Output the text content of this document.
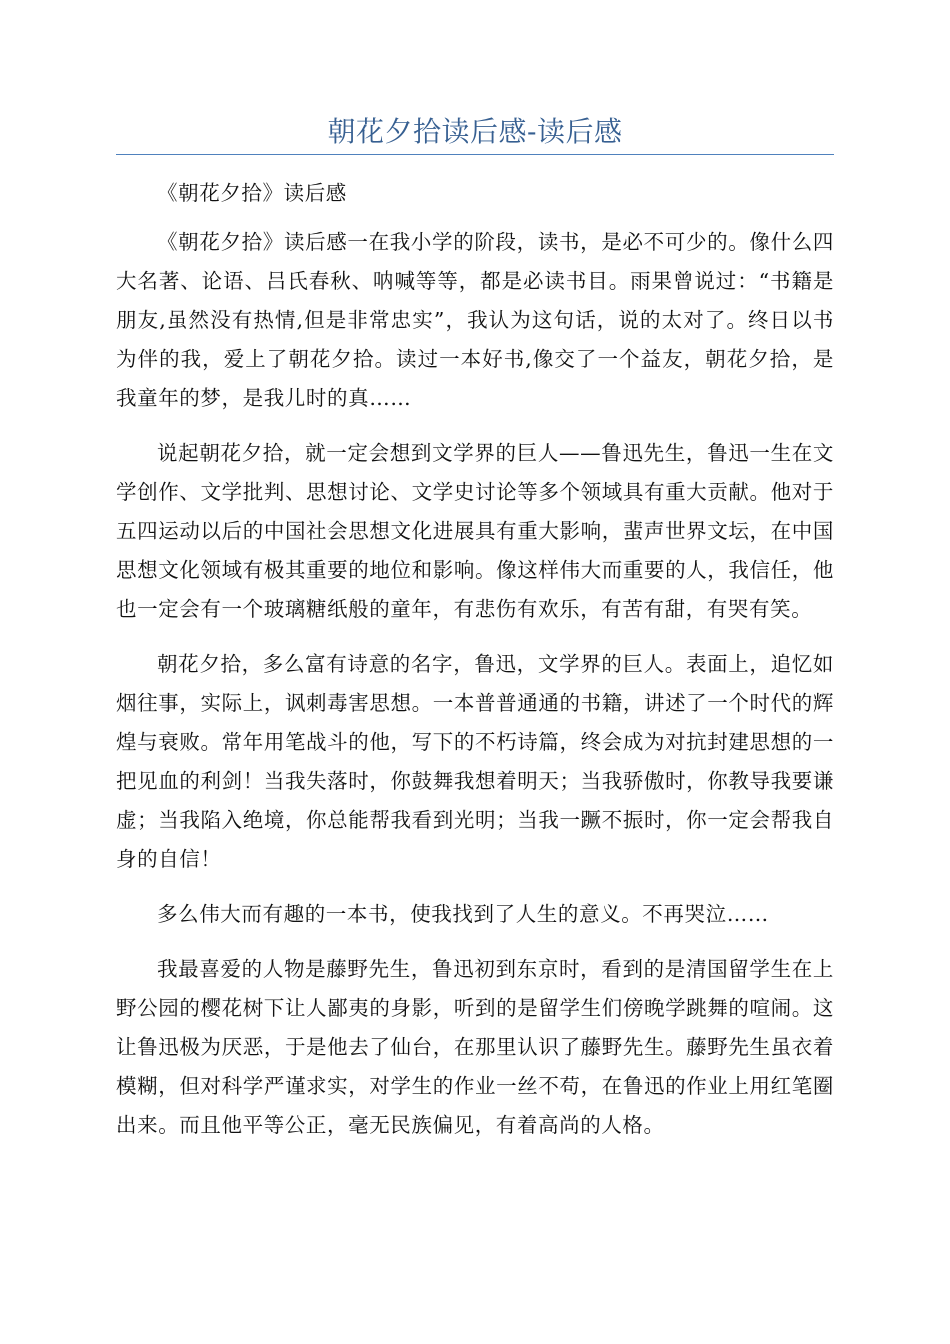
朝花夕拾读后感-读后感

《朝花夕拾》读后感

《朝花夕拾》读后感一在我小学的阶段，读书，是必不可少的。像什么四大名著、论语、吕氏春秋、呐喊等等，都是必读书目。雨果曾说过：“书籍是朋友,虽然没有热情,但是非常忠实”，我认为这句话，说的太对了。终日以书为伴的我，爱上了朝花夕拾。读过一本好书,像交了一个益友，朝花夕拾，是我童年的梦，是我儿时的真……

说起朝花夕拾，就一定会想到文学界的巨人——鲁迅先生，鲁迅一生在文学创作、文学批判、思想讨论、文学史讨论等多个领域具有重大贡献。他对于五四运动以后的中国社会思想文化进展具有重大影响，蜚声世界文坛，在中国思想文化领域有极其重要的地位和影响。像这样伟大而重要的人，我信任，他也一定会有一个玻璃糖纸般的童年，有悲伤有欢乐，有苦有甜，有哭有笑。

朝花夕拾，多么富有诗意的名字，鲁迅，文学界的巨人。表面上，追忆如烟往事，实际上，讽刺毒害思想。一本普普通通的书籍，讲述了一个时代的辉煌与衰败。常年用笔战斗的他，写下的不朽诗篇，终会成为对抗封建思想的一把见血的利剑！当我失落时，你鼓舞我想着明天；当我骄傲时，你教导我要谦虚；当我陷入绝境，你总能帮我看到光明；当我一蹶不振时，你一定会帮我自身的自信！

多么伟大而有趣的一本书，使我找到了人生的意义。不再哭泣……

我最喜爱的人物是藤野先生，鲁迅初到东京时，看到的是清国留学生在上野公园的樱花树下让人鄙夷的身影，听到的是留学生们傍晚学跳舞的喧闹。这让鲁迅极为厌恶，于是他去了仙台，在那里认识了藤野先生。藤野先生虽衣着模糊，但对科学严谨求实，对学生的作业一丝不苟，在鲁迅的作业上用红笔圈出来。而且他平等公正，毫无民族偏见，有着高尚的人格。
